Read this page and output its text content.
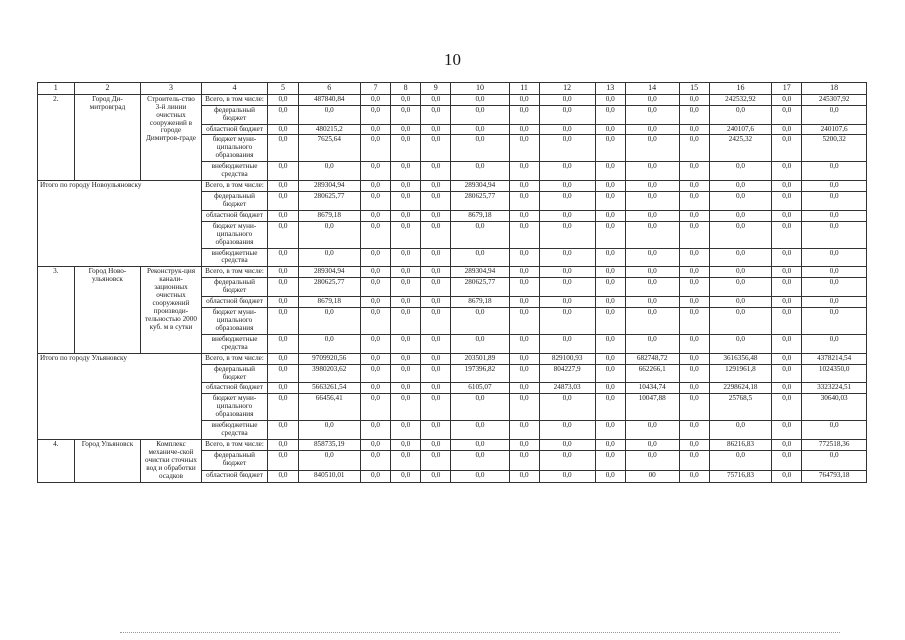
10
1	2	3	4	5	6	7	8	9	10	11	12	13	14	15	16	17	18
2.	Город Ди-митровград	Строитель-ство 3-й линии очистных сооружений в городе Димитров-граде	Всего, в том числе:	0,0	487840,84	0,0	0,0	0,0	0,0	0,0	0,0	0,0	0,0	0,0	242532,92	0,0	245307,92
			федеральный бюджет	0,0	0,0	0,0	0,0	0,0	0,0	0,0	0,0	0,0	0,0	0,0	0,0	0,0	0,0
			областной бюджет	0,0	480215,2	0,0	0,0	0,0	0,0	0,0	0,0	0,0	0,0	0,0	240107,6	0,0	240107,6
			бюджет муни-ципального образования	0,0	7625,64	0,0	0,0	0,0	0,0	0,0	0,0	0,0	0,0	0,0	2425,32	0,0	5200,32
			внебюджетные средства	0,0	0,0	0,0	0,0	0,0	0,0	0,0	0,0	0,0	0,0	0,0	0,0	0,0	0,0
Итого по городу Новоульяновску			Всего, в том числе:	0,0	289304,94	0,0	0,0	0,0	289304,94	0,0	0,0	0,0	0,0	0,0	0,0	0,0	0,0
			федеральный бюджет	0,0	280625,77	0,0	0,0	0,0	280625,77	0,0	0,0	0,0	0,0	0,0	0,0	0,0	0,0
			областной бюджет	0,0	8679,18	0,0	0,0	0,0	8679,18	0,0	0,0	0,0	0,0	0,0	0,0	0,0	0,0
			бюджет муни-ципального образования	0,0	0,0	0,0	0,0	0,0	0,0	0,0	0,0	0,0	0,0	0,0	0,0	0,0	0,0
			внебюджетные средства	0,0	0,0	0,0	0,0	0,0	0,0	0,0	0,0	0,0	0,0	0,0	0,0	0,0	0,0
3.	Город Ново-ульяновск	Реконструк-ция канали-зационных очистных сооружений производи-тельностью 2000 куб. м в сутки	Всего, в том числе:	0,0	289304,94	0,0	0,0	0,0	289304,94	0,0	0,0	0,0	0,0	0,0	0,0	0,0	0,0
			федеральный бюджет	0,0	280625,77	0,0	0,0	0,0	280625,77	0,0	0,0	0,0	0,0	0,0	0,0	0,0	0,0
			областной бюджет	0,0	8679,18	0,0	0,0	0,0	8679,18	0,0	0,0	0,0	0,0	0,0	0,0	0,0	0,0
			бюджет муни-ципального образования	0,0	0,0	0,0	0,0	0,0	0,0	0,0	0,0	0,0	0,0	0,0	0,0	0,0	0,0
			внебюджетные средства	0,0	0,0	0,0	0,0	0,0	0,0	0,0	0,0	0,0	0,0	0,0	0,0	0,0	0,0
Итого по городу Ульяновску			Всего, в том числе:	0,0	9709920,56	0,0	0,0	0,0	203501,89	0,0	829100,93	0,0	682748,72	0,0	3616356,48	0,0	4378214,54
			федеральный бюджет	0,0	3980203,62	0,0	0,0	0,0	197396,82	0,0	804227,9	0,0	662266,1	0,0	1291961,8	0,0	1024350,0
			областной бюджет	0,0	5663261,54	0,0	0,0	0,0	6105,07	0,0	24873,03	0,0	10434,74	0,0	2298624,18	0,0	3323224,51
			бюджет муни-ципального образования	0,0	66456,41	0,0	0,0	0,0	0,0	0,0	0,0	0,0	10047,88	0,0	25768,5	0,0	30640,03
			внебюджетные средства	0,0	0,0	0,0	0,0	0,0	0,0	0,0	0,0	0,0	0,0	0,0	0,0	0,0	0,0
4.	Город Ульяновск	Комплекс механиче-ской очистки сточных вод и обработки осадков	Всего, в том числе:	0,0	858735,19	0,0	0,0	0,0	0,0	0,0	0,0	0,0	0,0	0,0	86216,83	0,0	772518,36
			федеральный бюджет	0,0	0,0	0,0	0,0	0,0	0,0	0,0	0,0	0,0	0,0	0,0	0,0	0,0	0,0
			областной бюджет	0,0	840510,01	0,0	0,0	0,0	0,0	0,0	0,0	0,0	00	0,0	75716,83	0,0	764793,18
